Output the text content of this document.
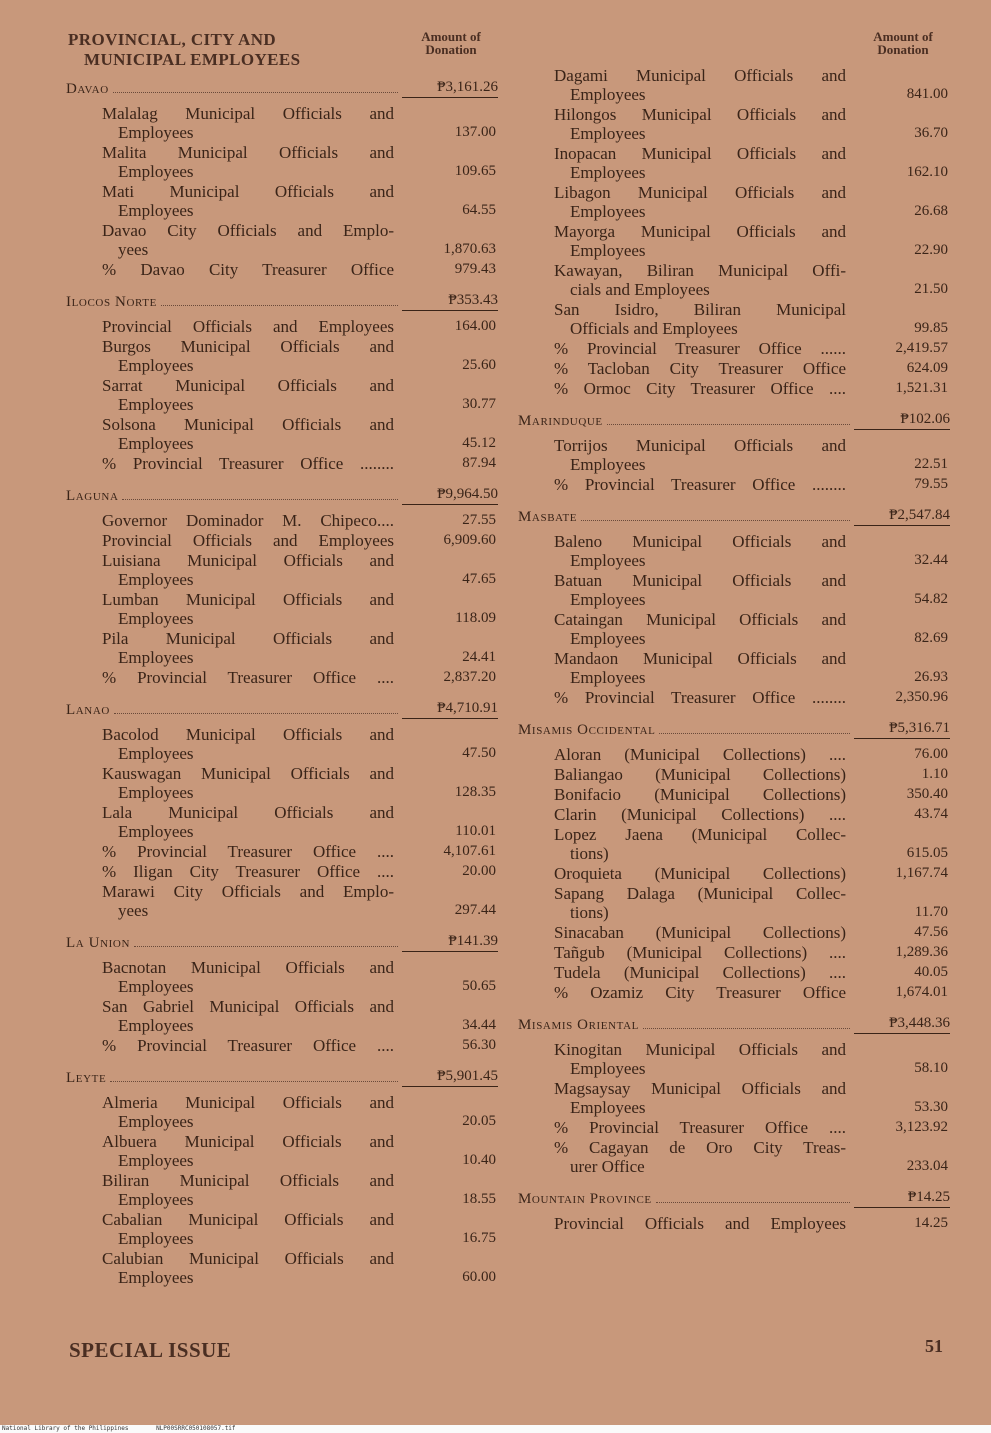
PROVINCIAL, CITY AND
MUNICIPAL EMPLOYEES
Amount of Donation
Davao	₱3,161.26
Malalag Municipal Officials and
Employees	137.00
Malita Municipal Officials and
Employees	109.65
Mati Municipal Officials and
Employees	64.55
Davao City Officials and Emplo-
yees	1,870.63
% Davao City Treasurer Office	979.43
Ilocos Norte	₱353.43
Provincial Officials and Employees	164.00
Burgos Municipal Officials and
Employees	25.60
Sarrat Municipal Officials and
Employees	30.77
Solsona Municipal Officials and
Employees	45.12
% Provincial Treasurer Office ........	87.94
Laguna	₱9,964.50
Governor Dominador M. Chipeco....	27.55
Provincial Officials and Employees	6,909.60
Luisiana Municipal Officials and
Employees	47.65
Lumban Municipal Officials and
Employees	118.09
Pila Municipal Officials and
Employees	24.41
% Provincial Treasurer Office ....	2,837.20
Lanao	₱4,710.91
Bacolod Municipal Officials and
Employees	47.50
Kauswagan Municipal Officials and
Employees	128.35
Lala Municipal Officials and
Employees	110.01
% Provincial Treasurer Office ....	4,107.61
% Iligan City Treasurer Office ....	20.00
Marawi City Officials and Emplo-
yees	297.44
La Union	₱141.39
Bacnotan Municipal Officials and
Employees	50.65
San Gabriel Municipal Officials and
Employees	34.44
% Provincial Treasurer Office ....	56.30
Leyte	₱5,901.45
Almeria Municipal Officials and
Employees	20.05
Albuera Municipal Officials and
Employees	10.40
Biliran Municipal Officials and
Employees	18.55
Cabalian Municipal Officials and
Employees	16.75
Calubian Municipal Officials and
Employees	60.00
Amount of Donation
Dagami Municipal Officials and
Employees	841.00
Hilongos Municipal Officials and
Employees	36.70
Inopacan Municipal Officials and
Employees	162.10
Libagon Municipal Officials and
Employees	26.68
Mayorga Municipal Officials and
Employees	22.90
Kawayan, Biliran Municipal Offi-
cials and Employees	21.50
San Isidro, Biliran Municipal
Officials and Employees	99.85
% Provincial Treasurer Office ......	2,419.57
% Tacloban City Treasurer Office	624.09
% Ormoc City Treasurer Office ....	1,521.31
Marinduque	₱102.06
Torrijos Municipal Officials and
Employees	22.51
% Provincial Treasurer Office ........	79.55
Masbate	₱2,547.84
Baleno Municipal Officials and
Employees	32.44
Batuan Municipal Officials and
Employees	54.82
Cataingan Municipal Officials and
Employees	82.69
Mandaon Municipal Officials and
Employees	26.93
% Provincial Treasurer Office ........	2,350.96
Misamis Occidental	₱5,316.71
Aloran (Municipal Collections) ....	76.00
Baliangao (Municipal Collections)	1.10
Bonifacio (Municipal Collections)	350.40
Clarin (Municipal Collections) ....	43.74
Lopez Jaena (Municipal Collec-
tions)	615.05
Oroquieta (Municipal Collections)	1,167.74
Sapang Dalaga (Municipal Collec-
tions)	11.70
Sinacaban (Municipal Collections)	47.56
Tañgub (Municipal Collections) ....	1,289.36
Tudela (Municipal Collections) ....	40.05
% Ozamiz City Treasurer Office	1,674.01
Misamis Oriental	₱3,448.36
Kinogitan Municipal Officials and
Employees	58.10
Magsaysay Municipal Officials and
Employees	53.30
% Provincial Treasurer Office ....	3,123.92
% Cagayan de Oro City Treas-
urer Office	233.04
Mountain Province	₱14.25
Provincial Officials and Employees	14.25
SPECIAL ISSUE	51
National Library of the Philippines	NLP00SRRC050108057.tif
